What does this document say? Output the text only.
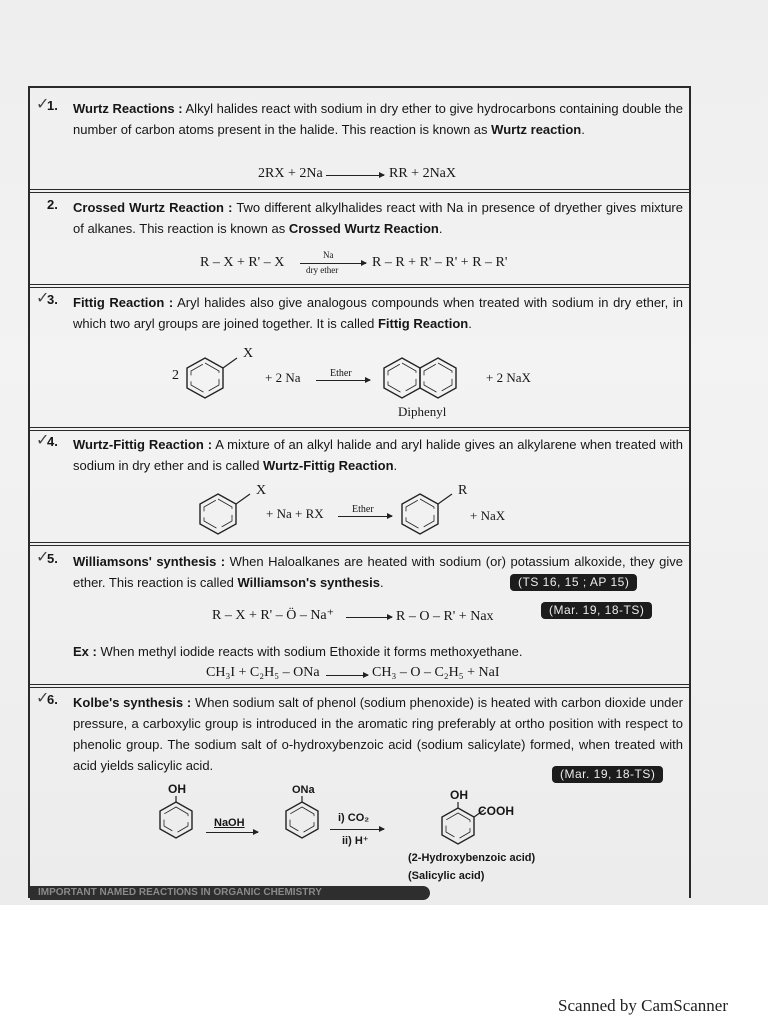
✓
1. Wurtz Reactions : Alkyl halides react with sodium in dry ether to give hydrocarbons containing double the number of carbon atoms present in the halide. This reaction is known as Wurtz reaction.
2RX + 2Na → RR + 2NaX
2. Crossed Wurtz Reaction : Two different alkylhalides react with Na in presence of dryether gives mixture of alkanes. This reaction is known as Crossed Wurtz Reaction.
R – X + R' – X	Na
dry ether R – R + R' – R' + R – R'
✓
3. Fittig Reaction : Aryl halides also give analogous compounds when treated with sodium in dry ether, in which two aryl groups are joined together. It is called Fittig Reaction.
2
X
+ 2 Na	Ether	+ 2 NaX
Diphenyl
✓
4. Wurtz-Fittig Reaction : A mixture of an alkyl halide and aryl halide gives an alkylarene when treated with sodium in dry ether and is called Wurtz-Fittig Reaction.
X
+ Na + RX	Ether
R
+ NaX
✓
5. Williamsons' synthesis : When Haloalkanes are heated with sodium (or) potassium alkoxide, they give ether. This reaction is called Williamson's synthesis.	(TS 16, 15 ; AP 15)
(Mar. 19, 18-TS)
R – X + R' – Ö – Na⁺ → R – O – R' + Nax
Ex : When methyl iodide reacts with sodium Ethoxide it forms methoxyethane.
CH₃I + C₂H₅ – ONa → CH₃ – O – C₂H₅ + NaI
✓
6. Kolbe's synthesis : When sodium salt of phenol (sodium phenoxide) is heated with carbon dioxide under pressure, a carboxylic group is introduced in the aromatic ring preferably at ortho position with respect to phenolic group. The sodium salt of o-hydroxybenzoic acid (sodium salicylate) formed, when treated with acid yields salicylic acid.
(Mar. 19, 18-TS)
OH
NaOH
ONa
i) CO₂
ii) H⁺
OH
COOH
(2-Hydroxybenzoic acid)
(Salicylic acid)
IMPORTANT NAMED REACTIONS IN ORGANIC CHEMISTRY
Scanned by CamScanner
